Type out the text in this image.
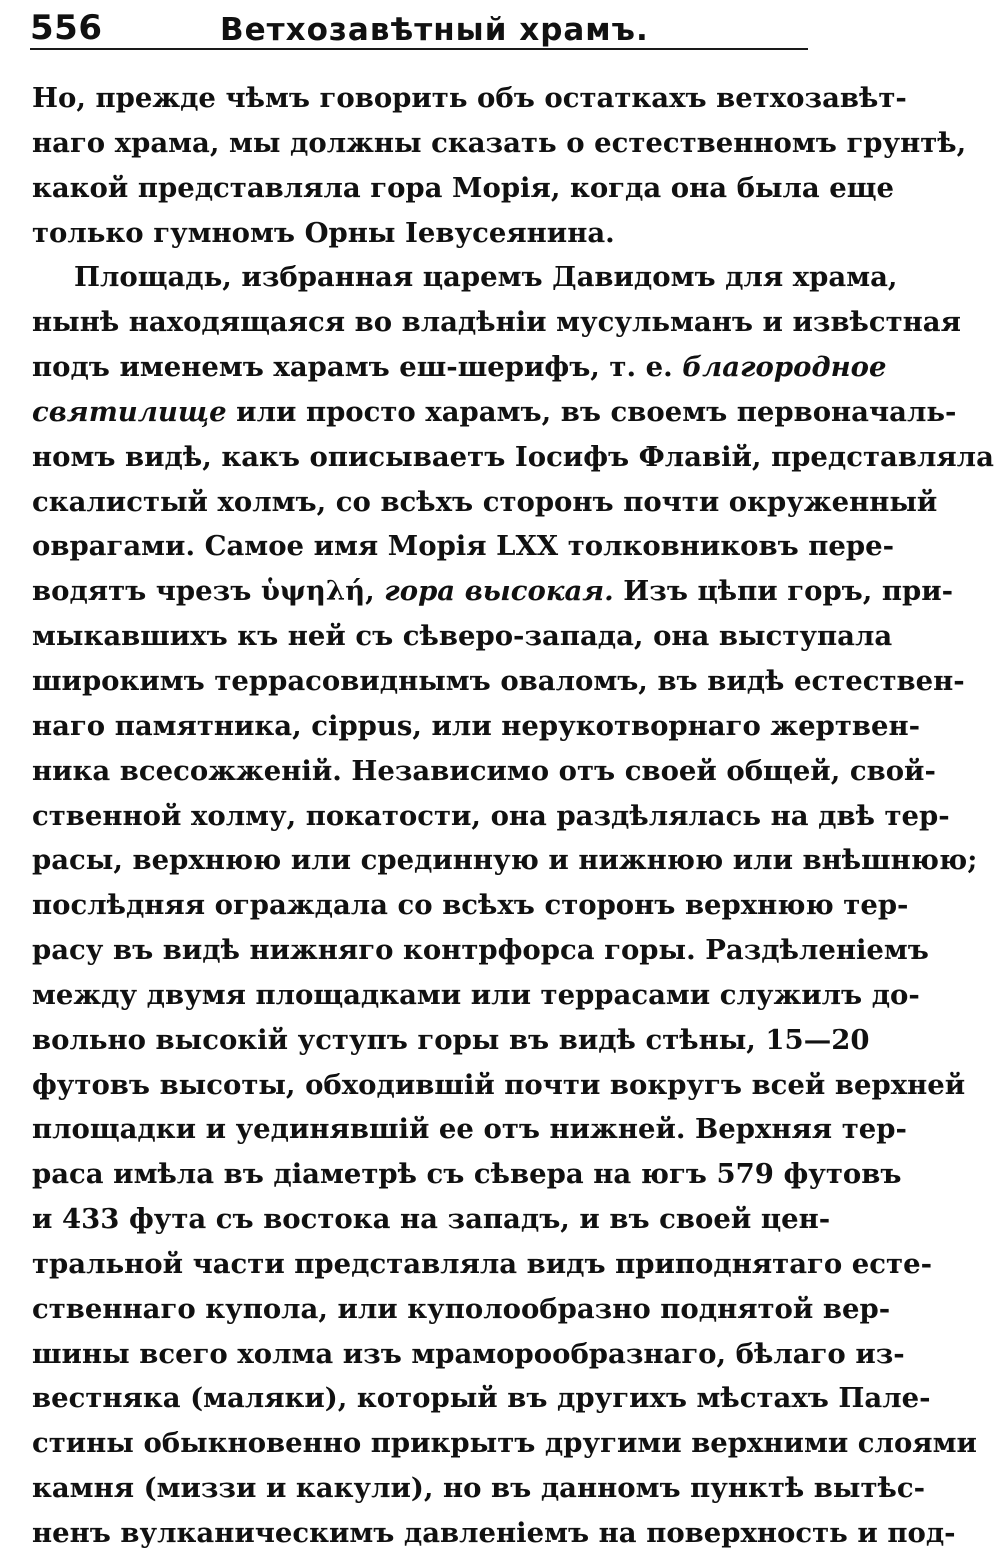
556	Ветхозавѣтный храмъ.
Но, прежде чѣмъ говорить объ остаткахъ ветхозавѣт-
наго храма, мы должны сказать о естественномъ грунтѣ,
какой представляла гора Морія, когда она была еще
только гумномъ Орны Іевусеянина.
Площадь, избранная царемъ Давидомъ для храма,
нынѣ находящаяся во владѣніи мусульманъ и извѣстная
подъ именемъ харамъ еш-шерифъ, т. е. благородное
святилище или просто харамъ, въ своемъ первоначаль-
номъ видѣ, какъ описываетъ Іосифъ Флавій, представляла
скалистый холмъ, со всѣхъ сторонъ почти окруженный
оврагами. Самое имя Морія LXX толковниковъ пере-
водятъ чрезъ ὑψηλή, гора высокая. Изъ цѣпи горъ, при-
мыкавшихъ къ ней съ сѣверо-запада, она выступала
широкимъ террасовиднымъ оваломъ, въ видѣ естествен-
наго памятника, cippus, или нерукотворнаго жертвен-
ника всесожженій. Независимо отъ своей общей, свой-
ственной холму, покатости, она раздѣлялась на двѣ тер-
расы, верхнюю или срединную и нижнюю или внѣшнюю;
послѣдняя ограждала со всѣхъ сторонъ верхнюю тер-
расу въ видѣ нижняго контрфорса горы. Раздѣленіемъ
между двумя площадками или террасами служилъ до-
вольно высокій уступъ горы въ видѣ стѣны, 15—20
футовъ высоты, обходившій почти вокругъ всей верхней
площадки и уединявшій ее отъ нижней. Верхняя тер-
раса имѣла въ діаметрѣ съ сѣвера на югъ 579 футовъ
и 433 фута съ востока на западъ, и въ своей цен-
тральной части представляла видъ приподнятаго есте-
ственнаго купола, или куполообразно поднятой вер-
шины всего холма изъ мраморообразнаго, бѣлаго из-
вестняка (маляки), который въ другихъ мѣстахъ Пале-
стины обыкновенно прикрытъ другими верхними слоями
камня (миззи и какули), но въ данномъ пунктѣ вытѣс-
ненъ вулканическимъ давленіемъ на поверхность и под-
